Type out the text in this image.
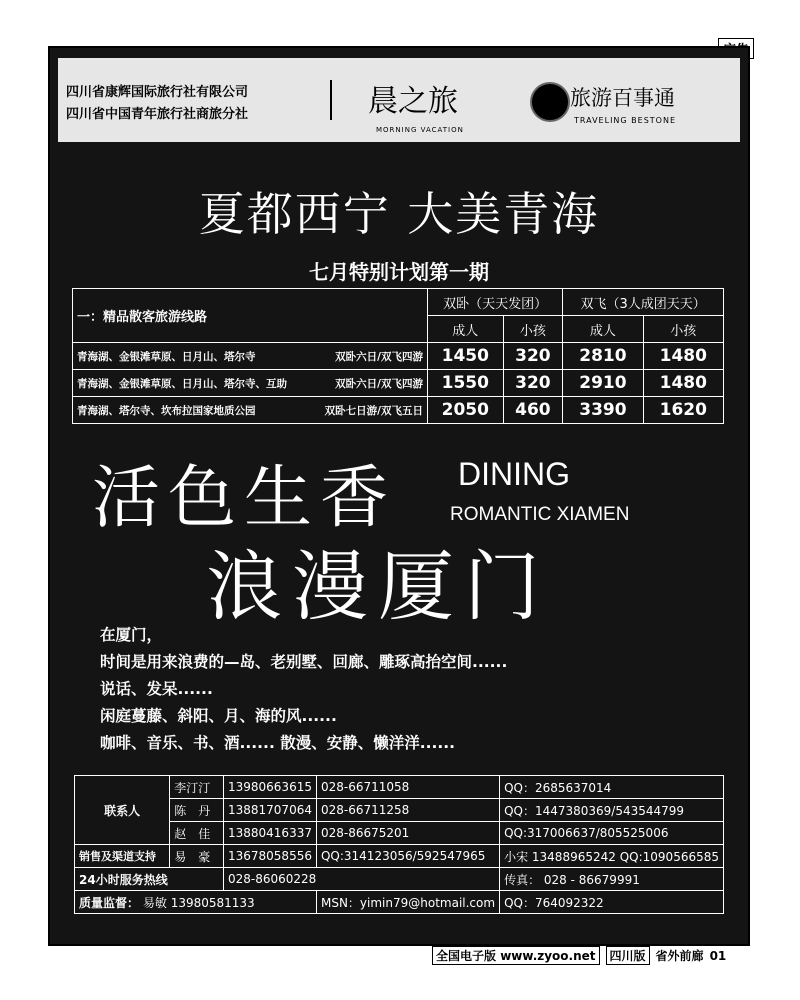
四川省康辉国际旅行社有限公司
四川省中国青年旅行社商旅分社	晨之旅
MORNING VACATION
旅游百事通
TRAVELING BESTONE
夏都西宁 大美青海
七月特别计划第一期
一：精品散客旅游线路	双卧（天天发团）		双飞（3人成团天天）	
	成人	小孩	成人	小孩
青海湖、金银滩草原、日月山、塔尔寺 双卧六日/双飞四游	1450	320	2810	1480
青海湖、金银滩草原、日月山、塔尔寺、互助 双卧六日/双飞四游	1550	320	2910	1480
青海湖、塔尔寺、坎布拉国家地质公园 双卧七日游/双飞五日	2050	460	3390	1620
活色生香 DINING
ROMANTIC XIAMEN
浪漫厦门
在厦门，
时间是用来浪费的—岛、老别墅、回廊、雕琢高抬空间......
说话、发呆......
闲庭蔓藤、斜阳、月、海的风......
咖啡、音乐、书、酒...... 散漫、安静、懒洋洋......
联系人	李汀汀	13980663615	028-66711058	QQ：2685637014
	陈　丹	13881707064	028-66711258	QQ：1447380369/543544799
	赵　佳	13880416337	028-86675201	QQ:317006637/805525006
销售及渠道支持	易　豪	13678058556	QQ:314123056/592547965	小宋 13488965242 QQ:1090566585
24小时服务热线		028-86060228		传真： 028 - 86679991
质量监督： 易敏 13980581133			MSN：yimin79@hotmail.com	QQ：764092322
全国电子版 www.zyoo.net	四川版 省外前廊 01
